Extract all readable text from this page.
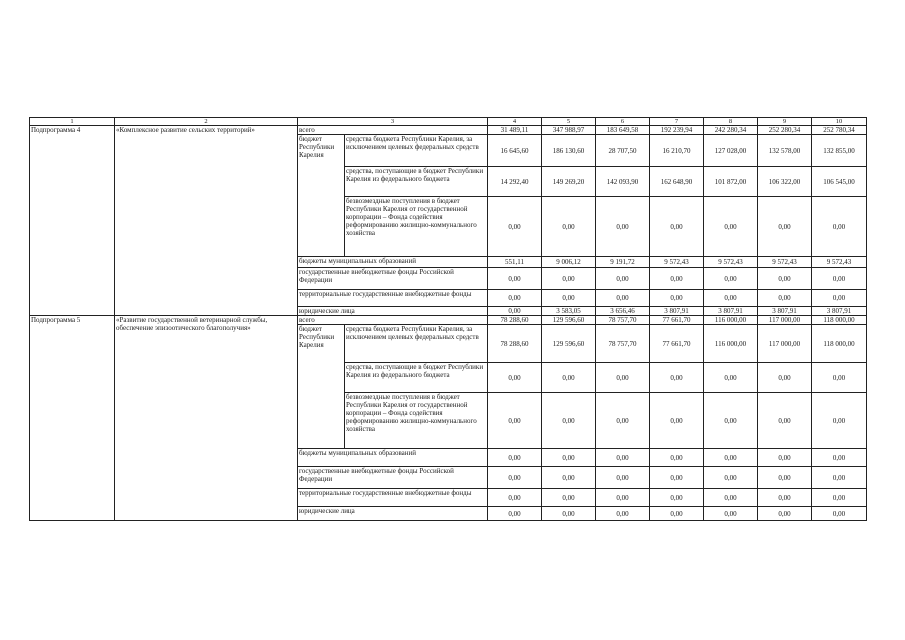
1	2	3		4	5	6	7	8	9	10
Подпрограмма 4	«Комплексное развитие сельских территорий»	всего		31 489,11	347 988,97	183 649,58	192 239,94	242 280,34	252 280,34	252 780,34
		бюджет Республики Карелия	средства бюджета Республики Карелия, за исключением целевых федеральных средств	16 645,60	186 130,60	28 707,50	16 210,70	127 028,00	132 578,00	132 855,00
			средства, поступающие в бюджет Республики Карелия из федерального бюджета	14 292,40	149 269,20	142 093,90	162 648,90	101 872,00	106 322,00	106 545,00
			безвозмездные поступления в бюджет Республики Карелия от государственной корпорации – Фонда содействия реформированию жилищно-коммунального хозяйства	0,00	0,00	0,00	0,00	0,00	0,00	0,00
		бюджеты муниципальных образований		551,11	9 006,12	9 191,72	9 572,43	9 572,43	9 572,43	9 572,43
		государственные внебюджетные фонды Российской Федерации		0,00	0,00	0,00	0,00	0,00	0,00	0,00
		территориальные государственные внебюджетные фонды		0,00	0,00	0,00	0,00	0,00	0,00	0,00
		юридические лица		0,00	3 583,05	3 656,46	3 807,91	3 807,91	3 807,91	3 807,91
Подпрограмма 5	«Развитие государственной ветеринарной службы, обеспечение эпизоотического благополучия»	всего		78 288,60	129 596,60	78 757,70	77 661,70	116 000,00	117 000,00	118 000,00
		бюджет Республики Карелия	средства бюджета Республики Карелия, за исключением целевых федеральных средств	78 288,60	129 596,60	78 757,70	77 661,70	116 000,00	117 000,00	118 000,00
			средства, поступающие в бюджет Республики Карелия из федерального бюджета	0,00	0,00	0,00	0,00	0,00	0,00	0,00
			безвозмездные поступления в бюджет Республики Карелия от государственной корпорации – Фонда содействия реформированию жилищно-коммунального хозяйства	0,00	0,00	0,00	0,00	0,00	0,00	0,00
		бюджеты муниципальных образований		0,00	0,00	0,00	0,00	0,00	0,00	0,00
		государственные внебюджетные фонды Российской Федерации		0,00	0,00	0,00	0,00	0,00	0,00	0,00
		территориальные государственные внебюджетные фонды		0,00	0,00	0,00	0,00	0,00	0,00	0,00
		юридические лица		0,00	0,00	0,00	0,00	0,00	0,00	0,00
